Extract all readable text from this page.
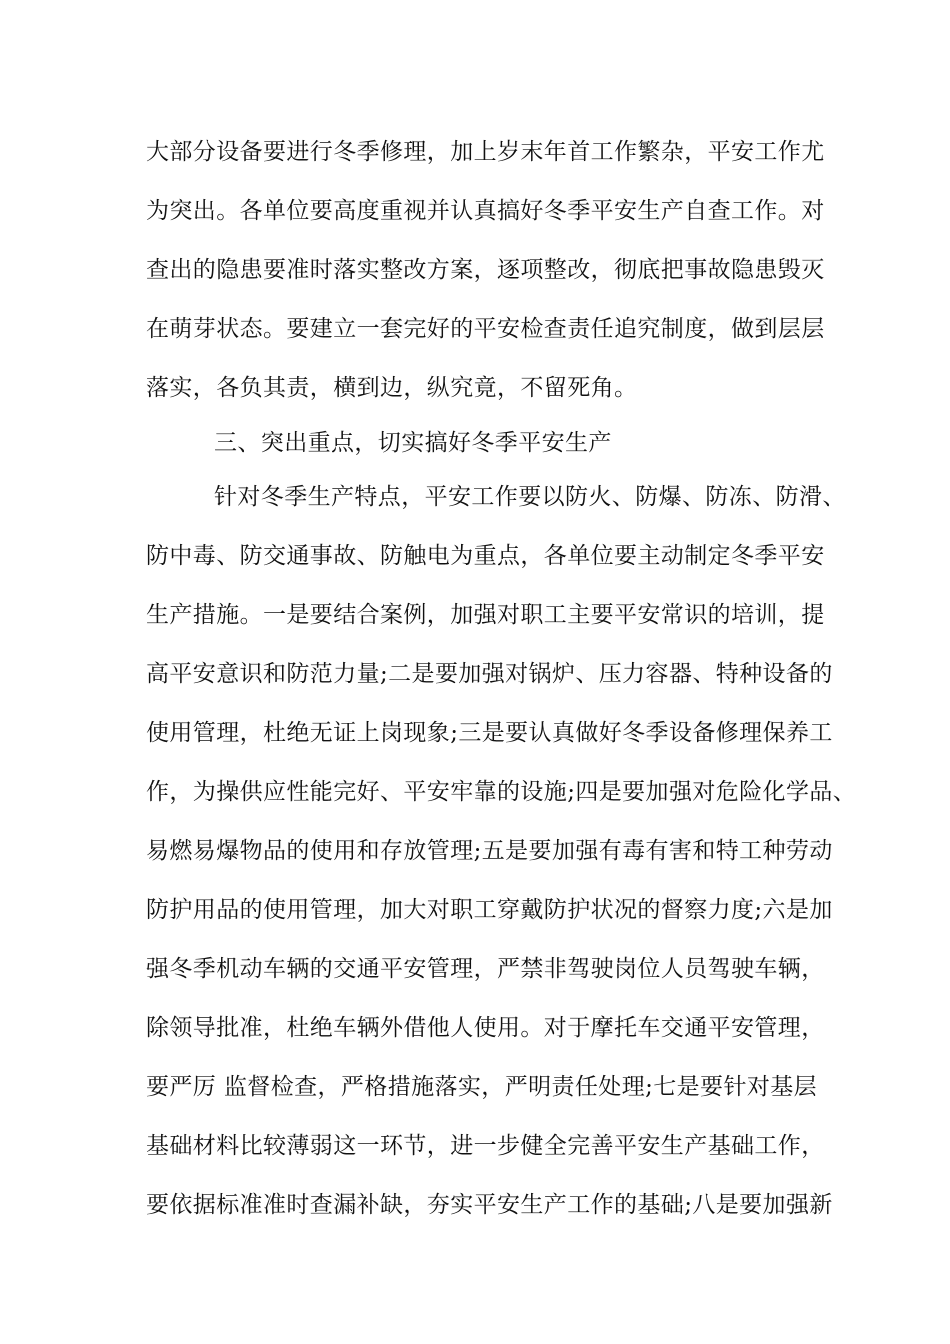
大部分设备要进行冬季修理，加上岁末年首工作繁杂，平安工作尤
为突出。各单位要高度重视并认真搞好冬季平安生产自查工作。对
查出的隐患要准时落实整改方案，逐项整改，彻底把事故隐患毁灭
在萌芽状态。要建立一套完好的平安检查责任追究制度，做到层层
落实，各负其责，横到边，纵究竟，不留死角。
三、突出重点，切实搞好冬季平安生产
针对冬季生产特点，平安工作要以防火、防爆、防冻、防滑、
防中毒、防交通事故、防触电为重点，各单位要主动制定冬季平安
生产措施。一是要结合案例，加强对职工主要平安常识的培训，提
高平安意识和防范力量;二是要加强对锅炉、压力容器、特种设备的
使用管理，杜绝无证上岗现象;三是要认真做好冬季设备修理保养工
作，为操供应性能完好、平安牢靠的设施;四是要加强对危险化学品、
易燃易爆物品的使用和存放管理;五是要加强有毒有害和特工种劳动
防护用品的使用管理，加大对职工穿戴防护状况的督察力度;六是加
强冬季机动车辆的交通平安管理，严禁非驾驶岗位人员驾驶车辆，
除领导批准，杜绝车辆外借他人使用。对于摩托车交通平安管理，
要严厉 监督检查，严格措施落实，严明责任处理;七是要针对基层
基础材料比较薄弱这一环节，进一步健全完善平安生产基础工作，
要依据标准准时查漏补缺，夯实平安生产工作的基础;八是要加强新
